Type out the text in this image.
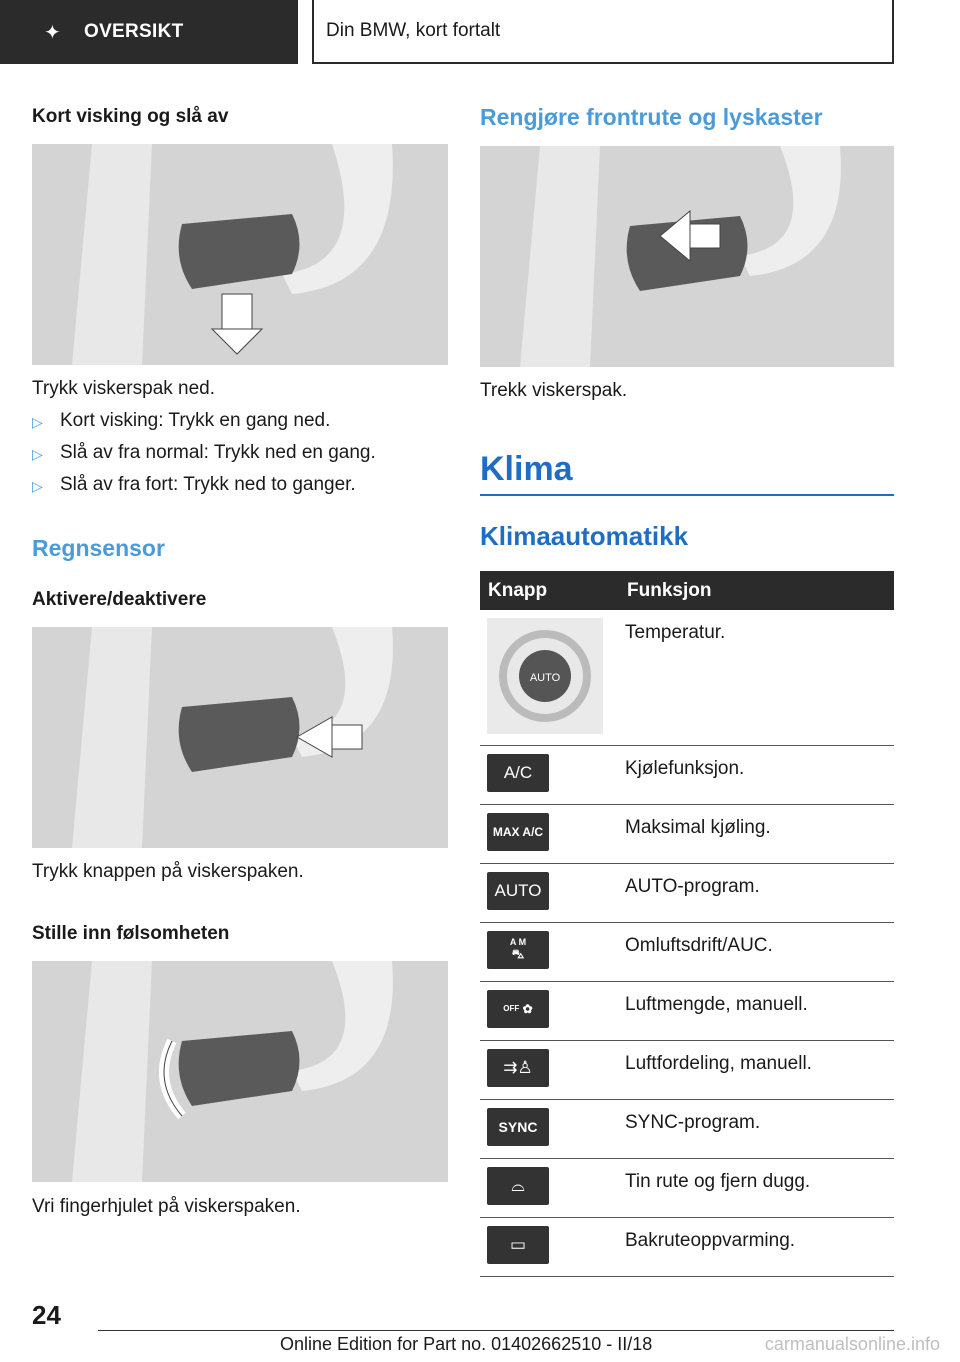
✦ OVERSIKT	Din BMW, kort fortalt
Kort visking og slå av
Trykk viskerspak ned.
▷ Kort visking: Trykk en gang ned.
▷ Slå av fra normal: Trykk ned en gang.
▷ Slå av fra fort: Trykk ned to ganger.
Regnsensor
Aktivere/deaktivere
Trykk knappen på viskerspaken.
Stille inn følsomheten
Vri fingerhjulet på viskerspaken.
Rengjøre frontrute og lyskaster
Trekk viskerspak.
Klima
Klimaautomatikk
Knapp	Funksjon

AUTO	Temperatur.

A/C	Kjølefunksjon.

MAX A/C	Maksimal kjøling.

AUTO	AUTO-program.

A M
⛍	Omluftsdrift/AUC.

OFF ✿	Luftmengde, manuell.

⇉♙	Luftfordeling, manuell.

SYNC	SYNC-program.

⌓	Tin rute og fjern dugg.

▭	Bakruteoppvarming.
24
Online Edition for Part no. 01402662510 - II/18	carmanualsonline.info
